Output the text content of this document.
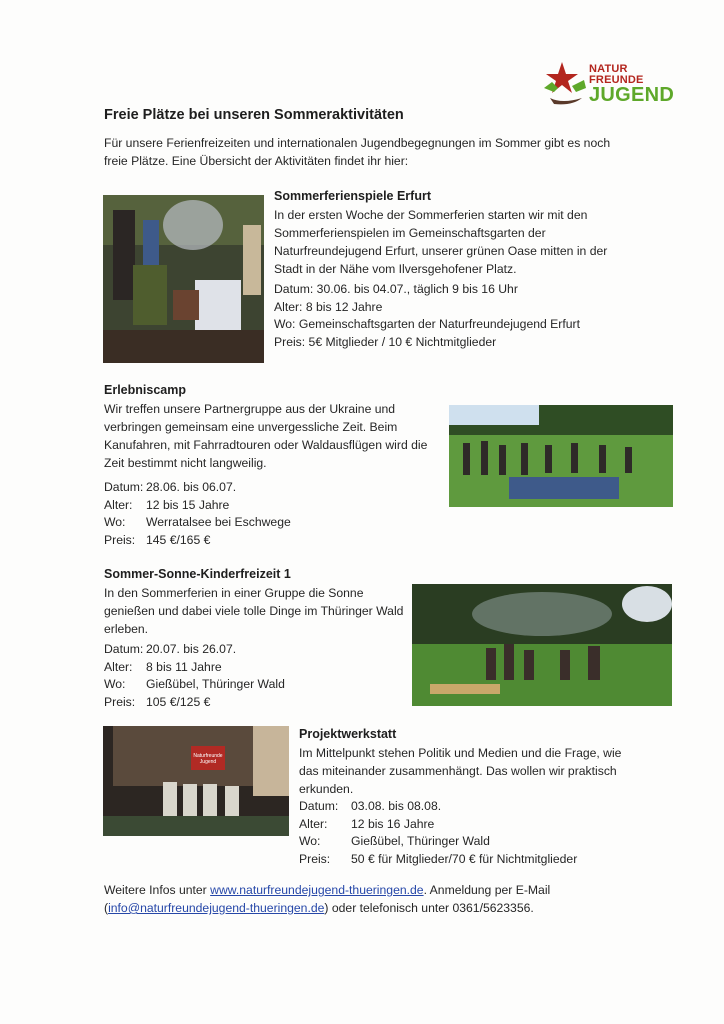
NATUR
FREUNDE
JUGEND
Freie Plätze bei unseren Sommeraktivitäten
Für unsere Ferienfreizeiten und internationalen Jugendbegegnungen im Sommer gibt es noch freie Plätze. Eine Übersicht der Aktivitäten findet ihr hier:
Sommerferienspiele Erfurt
In der ersten Woche der Sommerferien starten wir mit den Sommerferienspielen im Gemeinschaftsgarten der Naturfreundejugend Erfurt, unserer grünen Oase mitten in der Stadt in der Nähe vom Ilversgehofener Platz.
Datum: 30.06. bis 04.07., täglich 9 bis 16 Uhr
Alter: 8 bis 12 Jahre
Wo: Gemeinschaftsgarten der Naturfreundejugend Erfurt
Preis: 5€ Mitglieder / 10 € Nichtmitglieder
Erlebniscamp
Wir treffen unsere Partnergruppe aus der Ukraine und verbringen gemeinsam eine unvergessliche Zeit. Beim Kanufahren, mit Fahrradtouren oder Waldausflügen wird die Zeit bestimmt nicht langweilig.
Datum:	28.06. bis 06.07.
Alter:	12 bis 15 Jahre
Wo:	Werratalsee bei Eschwege
Preis:	145 €/165 €
Sommer-Sonne-Kinderfreizeit 1
In den Sommerferien in einer Gruppe die Sonne genießen und dabei viele tolle Dinge im Thüringer Wald erleben.
Datum:	20.07. bis 26.07.
Alter:	8 bis 11 Jahre
Wo:	Gießübel, Thüringer Wald
Preis:	105 €/125 €
Naturfreunde Jugend
Projektwerkstatt
Im Mittelpunkt stehen Politik und Medien und die Frage, wie das miteinander zusammenhängt. Das wollen wir praktisch erkunden.
Datum:	03.08. bis 08.08.
Alter:	12 bis 16 Jahre
Wo:	Gießübel, Thüringer Wald
Preis:	50 € für Mitglieder/70 € für Nichtmitglieder
Weitere Infos unter www.naturfreundejugend-thueringen.de. Anmeldung per E-Mail
(info@naturfreundejugend-thueringen.de) oder telefonisch unter 0361/5623356.
